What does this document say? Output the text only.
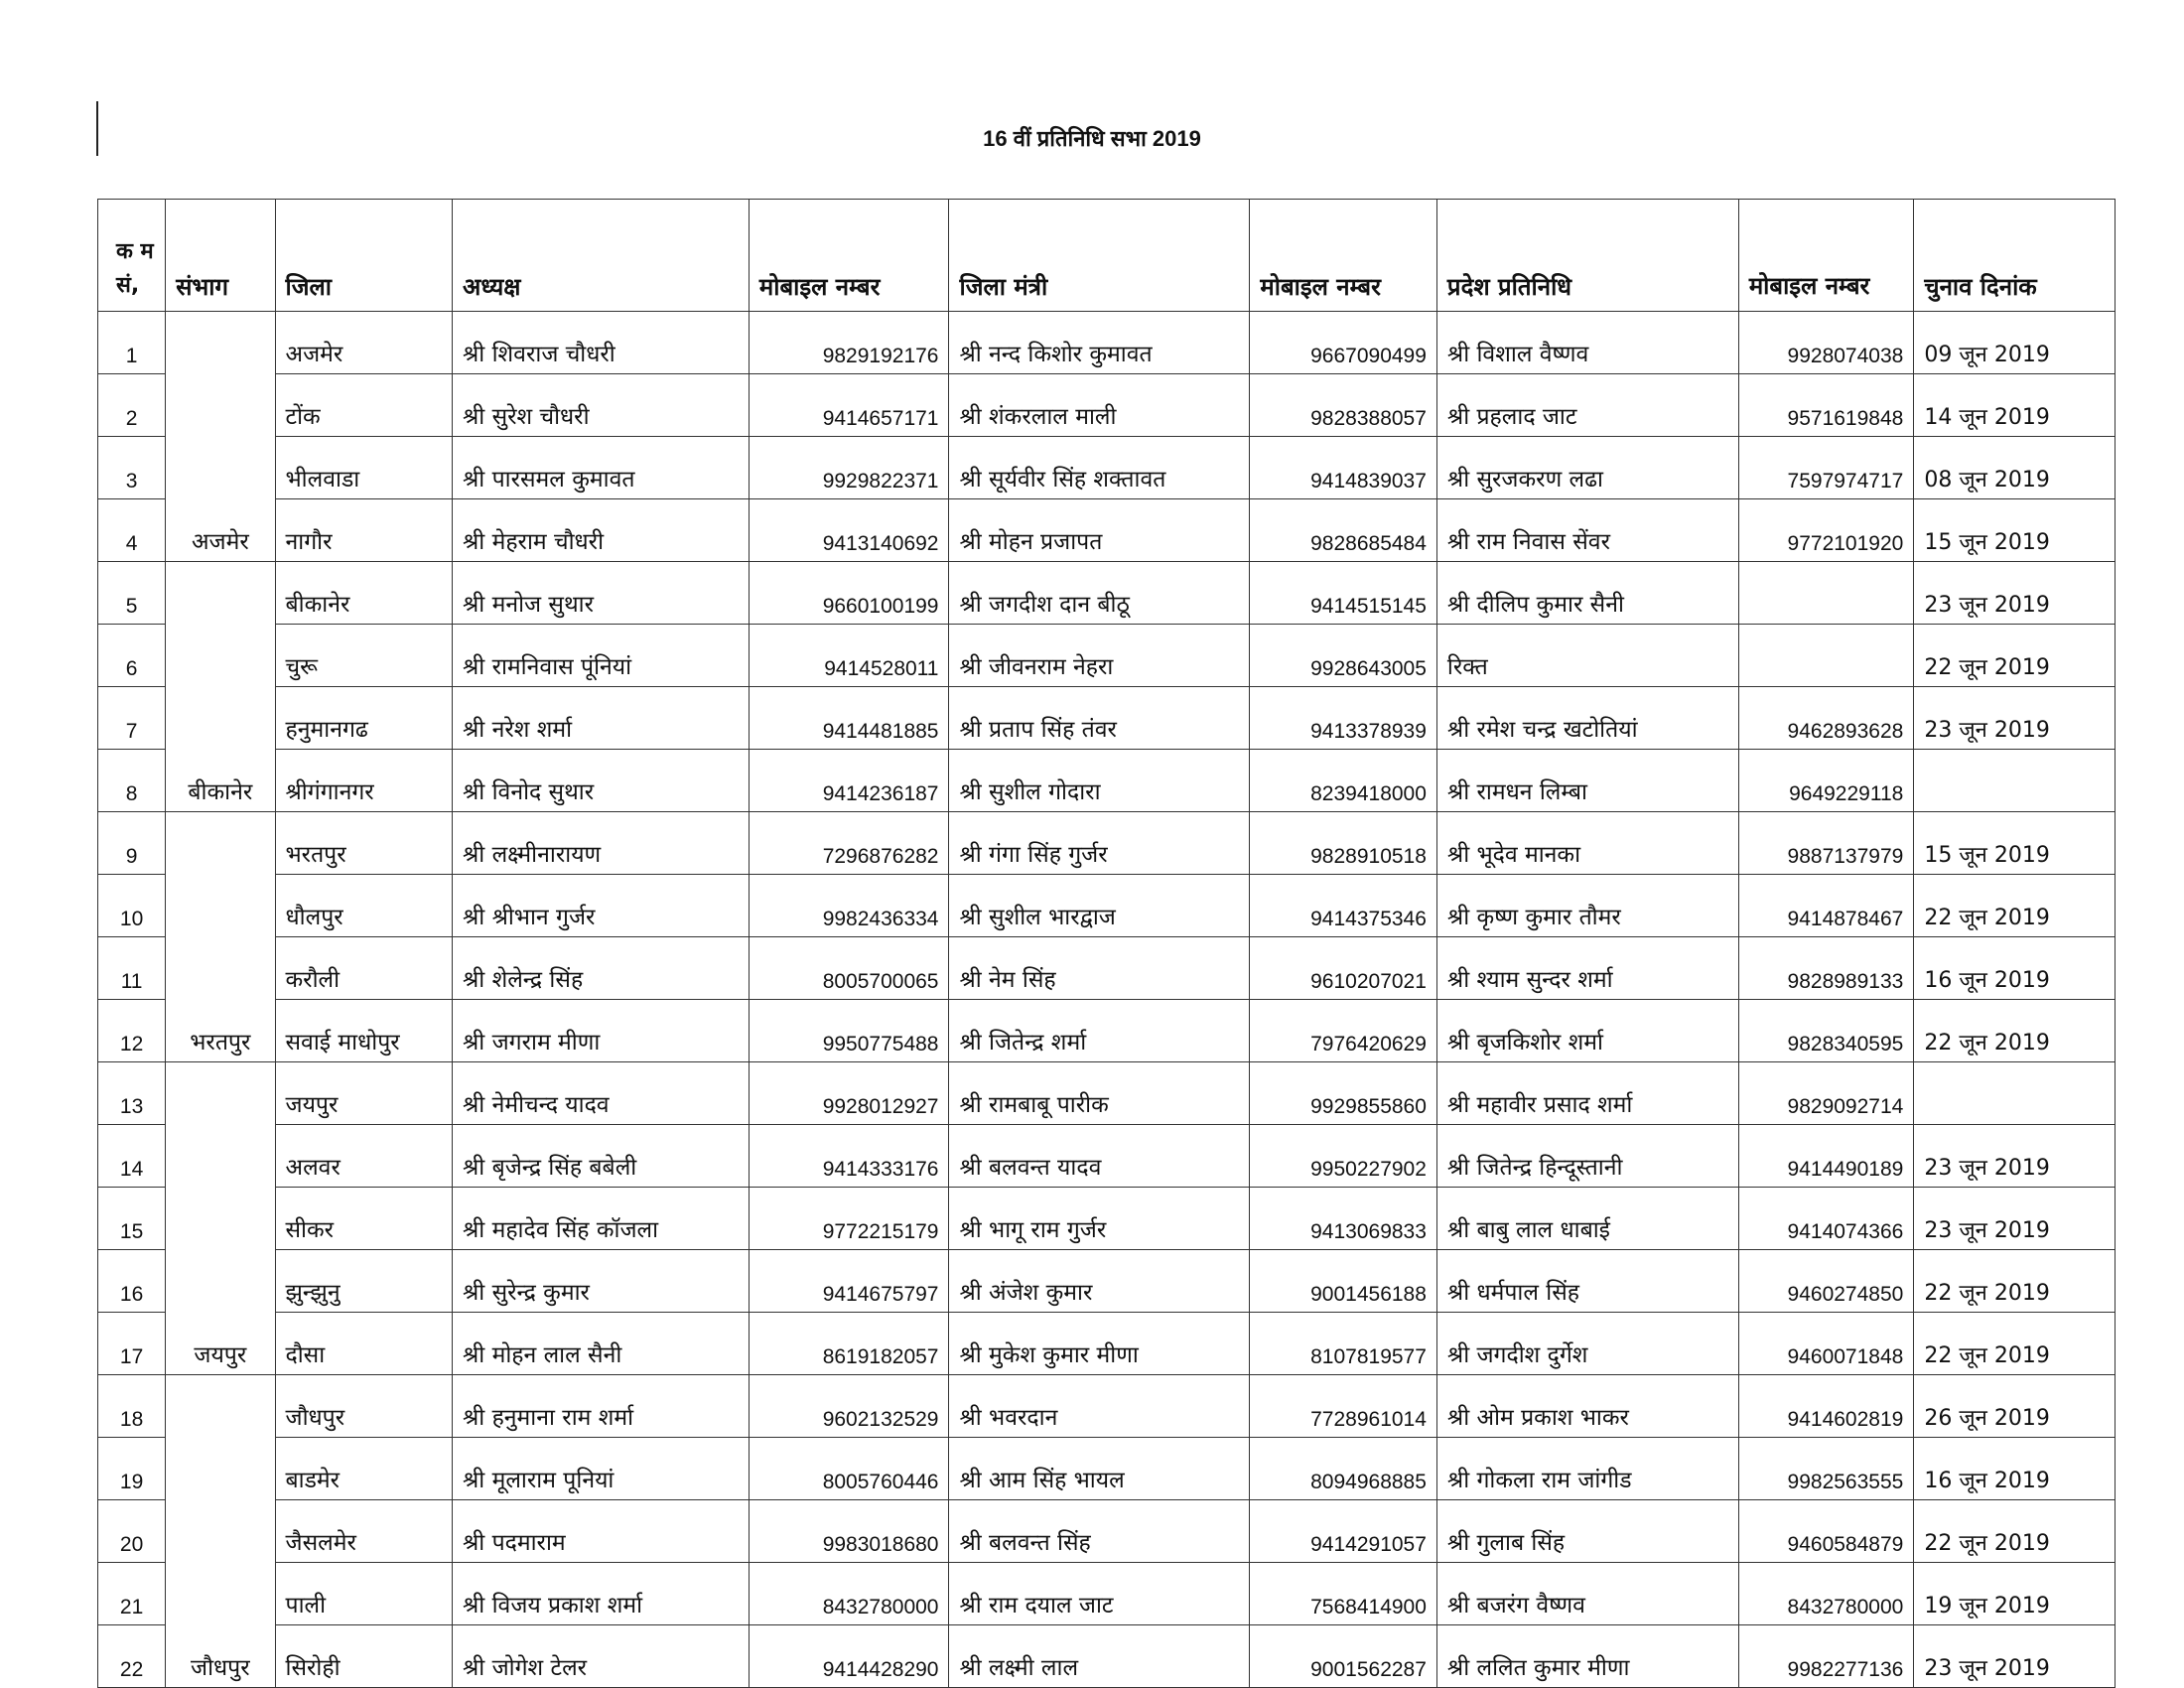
16 वीं प्रतिनिधि सभा 2019
क म सं,	संभाग	जिला	अध्यक्ष	मोबाइल नम्बर	जिला मंत्री	मोबाइल नम्बर	प्रदेश प्रतिनिधि	मोबाइल नम्बर	चुनाव दिनांक
1	अजमेर	अजमेर	श्री शिवराज चौधरी	9829192176	श्री नन्द किशोर कुमावत	9667090499	श्री विशाल वैष्णव	9928074038	09 जून 2019
2		टोंक	श्री सुरेश चौधरी	9414657171	श्री शंकरलाल माली	9828388057	श्री प्रहलाद जाट	9571619848	14 जून 2019
3		भीलवाडा	श्री पारसमल कुमावत	9929822371	श्री सूर्यवीर सिंह शक्तावत	9414839037	श्री सुरजकरण लढा	7597974717	08 जून 2019
4		नागौर	श्री मेहराम चौधरी	9413140692	श्री मोहन प्रजापत	9828685484	श्री राम निवास सेंवर	9772101920	15 जून 2019
5	बीकानेर	बीकानेर	श्री मनोज सुथार	9660100199	श्री जगदीश दान बीठू	9414515145	श्री दीलिप कुमार सैनी		23 जून 2019
6		चुरू	श्री रामनिवास पूंनियां	9414528011	श्री जीवनराम नेहरा	9928643005	रिक्त		22 जून 2019
7		हनुमानगढ	श्री नरेश शर्मा	9414481885	श्री प्रताप सिंह तंवर	9413378939	श्री रमेश चन्द्र खटोतियां	9462893628	23 जून 2019
8		श्रीगंगानगर	श्री विनोद सुथार	9414236187	श्री सुशील गोदारा	8239418000	श्री रामधन लिम्बा	9649229118	
9	भरतपुर	भरतपुर	श्री लक्ष्मीनारायण	7296876282	श्री गंगा सिंह गुर्जर	9828910518	श्री भूदेव मानका	9887137979	15 जून 2019
10		धौलपुर	श्री श्रीभान गुर्जर	9982436334	श्री सुशील भारद्वाज	9414375346	श्री कृष्ण कुमार तौमर	9414878467	22 जून 2019
11		करौली	श्री शेलेन्द्र सिंह	8005700065	श्री नेम सिंह	9610207021	श्री श्याम सुन्दर शर्मा	9828989133	16 जून 2019
12		सवाई माधोपुर	श्री जगराम मीणा	9950775488	श्री जितेन्द्र शर्मा	7976420629	श्री बृजकिशोर शर्मा	9828340595	22 जून 2019
13	जयपुर	जयपुर	श्री नेमीचन्द यादव	9928012927	श्री रामबाबू पारीक	9929855860	श्री महावीर प्रसाद शर्मा	9829092714	
14		अलवर	श्री बृजेन्द्र सिंह बबेली	9414333176	श्री बलवन्त यादव	9950227902	श्री जितेन्द्र हिन्दूस्तानी	9414490189	23 जून 2019
15		सीकर	श्री महादेव सिंह कॉजला	9772215179	श्री भागू राम गुर्जर	9413069833	श्री बाबु लाल धाबाई	9414074366	23 जून 2019
16		झुन्झुनु	श्री सुरेन्द्र कुमार	9414675797	श्री अंजेश कुमार	9001456188	श्री धर्मपाल सिंह	9460274850	22 जून 2019
17		दौसा	श्री मोहन लाल सैनी	8619182057	श्री मुकेश कुमार मीणा	8107819577	श्री जगदीश दुर्गेश	9460071848	22 जून 2019
18	जौधपुर	जौधपुर	श्री हनुमाना राम शर्मा	9602132529	श्री भवरदान	7728961014	श्री ओम प्रकाश भाकर	9414602819	26 जून 2019
19		बाडमेर	श्री मूलाराम पूनियां	8005760446	श्री आम सिंह भायल	8094968885	श्री गोकला राम जांगीड	9982563555	16 जून 2019
20		जैसलमेर	श्री पदमाराम	9983018680	श्री बलवन्त सिंह	9414291057	श्री गुलाब सिंह	9460584879	22 जून 2019
21		पाली	श्री विजय प्रकाश शर्मा	8432780000	श्री राम दयाल जाट	7568414900	श्री बजरंग वैष्णव	8432780000	19 जून 2019
22		सिरोही	श्री जोगेश टेलर	9414428290	श्री लक्ष्मी लाल	9001562287	श्री ललित कुमार मीणा	9982277136	23 जून 2019
